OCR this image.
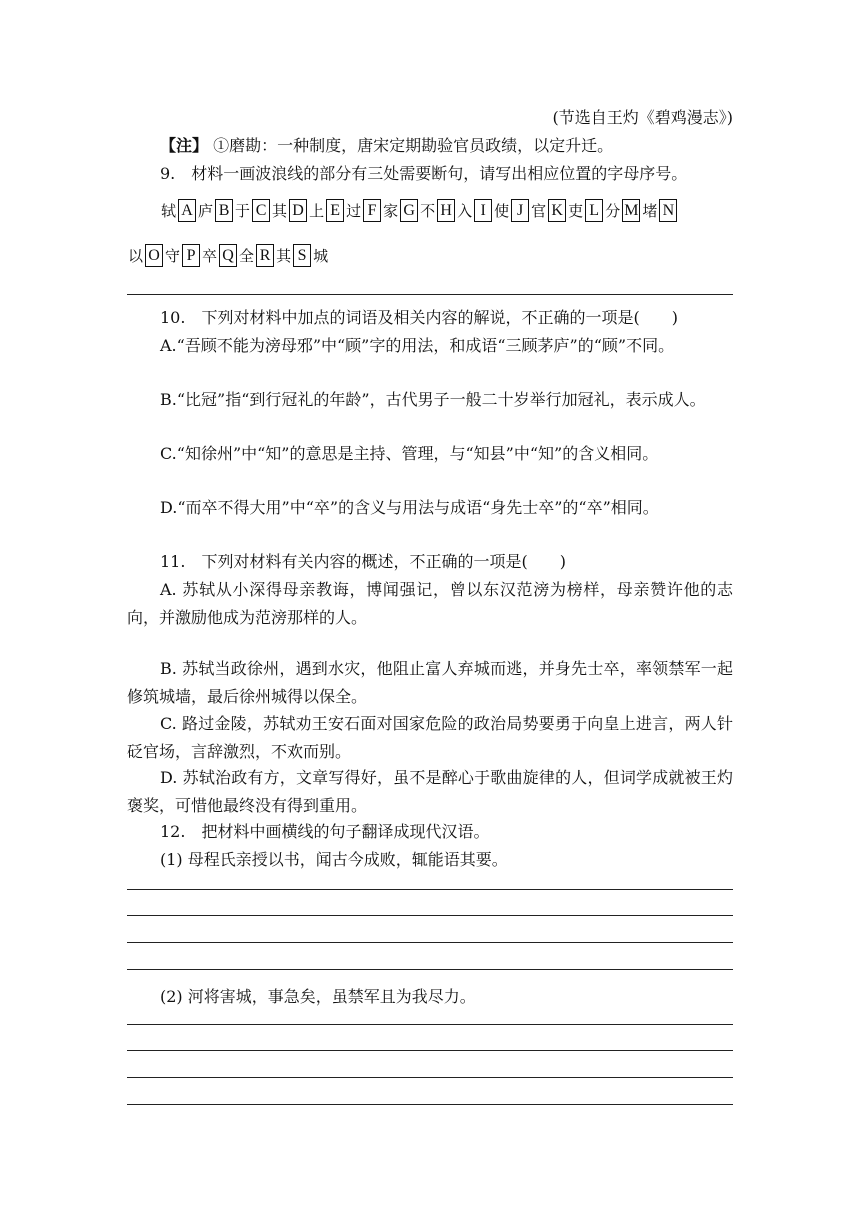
(节选自王灼《碧鸡漫志》)
【注】 ①磨勘：一种制度，唐宋定期勘验官员政绩，以定升迁。
9.　材料一画波浪线的部分有三处需要断句，请写出相应位置的字母序号。
轼 A 庐 B 于 C 其 D 上 E 过 F 家 G 不 H 入 I 使 J 官 K 吏 L 分 M 堵 N
以 O 守 P 卒 Q 全 R 其 S 城
10.　下列对材料中加点的词语及相关内容的解说，不正确的一项是(　　)
A.“吾顾不能为滂母邪”中“顾”字的用法，和成语“三顾茅庐”的“顾”不同。
B.“比冠”指“到行冠礼的年龄”，古代男子一般二十岁举行加冠礼，表示成人。
C.“知徐州”中“知”的意思是主持、管理，与“知县”中“知”的含义相同。
D.“而卒不得大用”中“卒”的含义与用法与成语“身先士卒”的“卒”相同。
11.　下列对材料有关内容的概述，不正确的一项是(　　)
A. 苏轼从小深得母亲教诲，博闻强记，曾以东汉范滂为榜样，母亲赞许他的志向，并激励他成为范滂那样的人。
B. 苏轼当政徐州，遇到水灾，他阻止富人弃城而逃，并身先士卒，率领禁军一起修筑城墙，最后徐州城得以保全。
C. 路过金陵，苏轼劝王安石面对国家危险的政治局势要勇于向皇上进言，两人针砭官场，言辞激烈，不欢而别。
D. 苏轼治政有方，文章写得好，虽不是醉心于歌曲旋律的人，但词学成就被王灼褒奖，可惜他最终没有得到重用。
12.　把材料中画横线的句子翻译成现代汉语。
(1) 母程氏亲授以书，闻古今成败，辄能语其要。
(2) 河将害城，事急矣，虽禁军且为我尽力。
